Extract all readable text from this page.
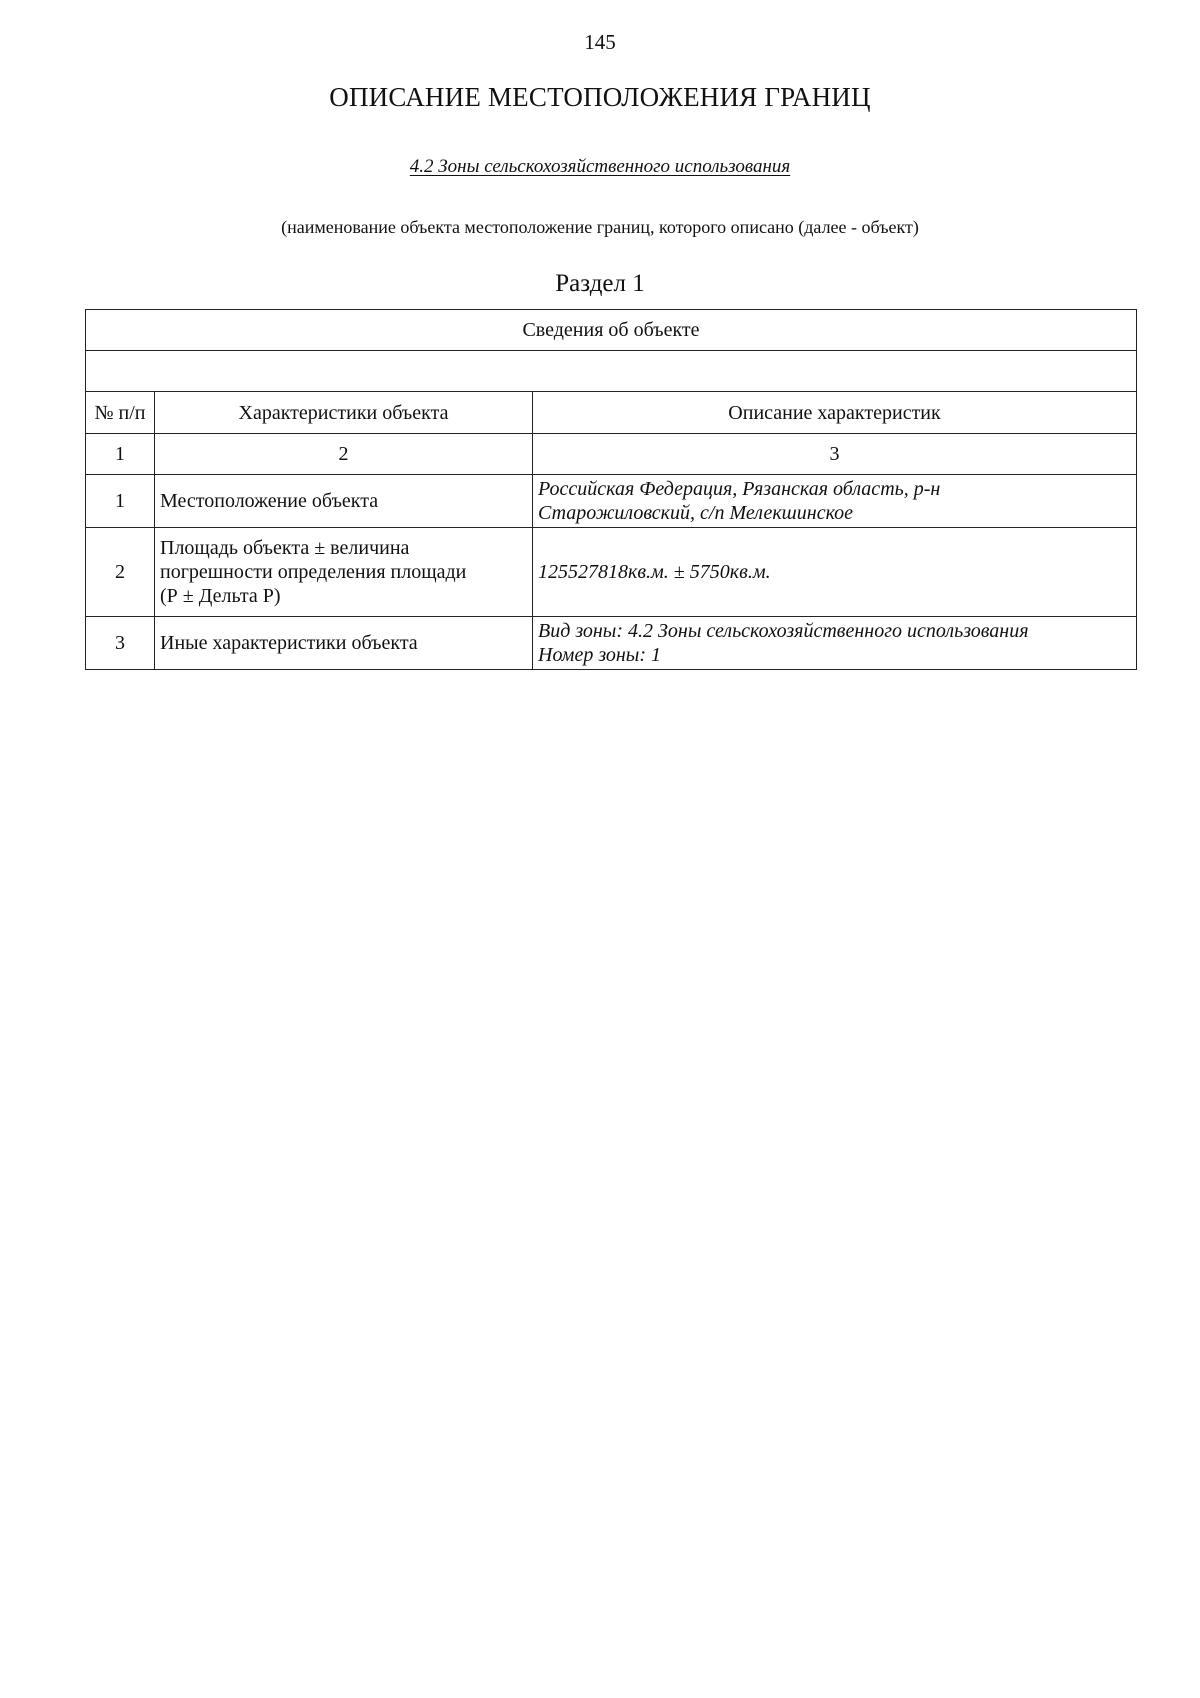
145
ОПИСАНИЕ МЕСТОПОЛОЖЕНИЯ ГРАНИЦ
4.2 Зоны сельскохозяйственного использования
(наименование объекта местоположение границ, которого описано (далее - объект)
Раздел 1
Сведения об объекте		

№ п/п	Характеристики объекта	Описание характеристик
1	2	3
1	Местоположение объекта	Российская Федерация, Рязанская область, р-н
Старожиловский, с/п Мелекшинское

2	Площадь объекта ± величина
погрешности определения площади
(Р ± Дельта Р)	125527818кв.м. ± 5750кв.м.

3	Иные характеристики объекта	Вид зоны: 4.2 Зоны сельскохозяйственного использования
Номер зоны: 1
